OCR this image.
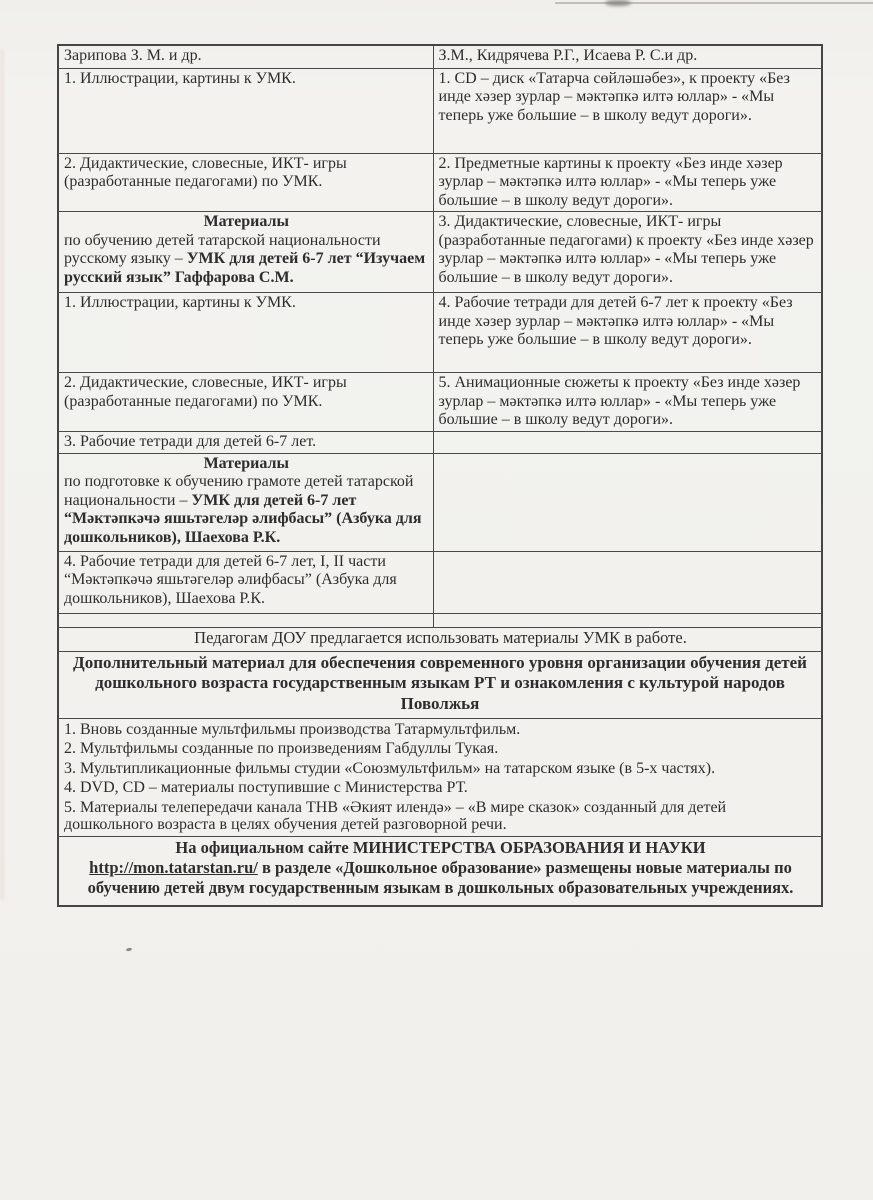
Зарипова З. М. и др.	З.М., Кидрячева Р.Г., Исаева Р. С.и др.
1. Иллюстрации, картины к УМК.	1. CD – диск «Татарча сөйләшәбез», к проекту «Без инде хәзер зурлар – мәктәпкә илтә юллар» - «Мы теперь уже большие – в школу ведут дороги».
2. Дидактические, словесные, ИКТ- игры (разработанные педагогами) по УМК.	2. Предметные картины к проекту «Без инде хәзер зурлар – мәктәпкә илтә юллар» - «Мы теперь уже большие – в школу ведут дороги».

Материалы
по обучению детей татарской национальности русскому языку – УМК для детей 6-7 лет “Изучаем русский язык” Гаффарова С.М.	3. Дидактические, словесные, ИКТ- игры (разработанные педагогами) к проекту «Без инде хәзер зурлар – мәктәпкә илтә юллар» - «Мы теперь уже большие – в школу ведут дороги».
1. Иллюстрации, картины к УМК.	4. Рабочие тетради для детей 6-7 лет к проекту «Без инде хәзер зурлар – мәктәпкә илтә юллар» - «Мы теперь уже большие – в школу ведут дороги».
2. Дидактические, словесные, ИКТ- игры (разработанные педагогами) по УМК.	5. Анимационные сюжеты к проекту «Без инде хәзер зурлар – мәктәпкә илтә юллар» - «Мы теперь уже большие – в школу ведут дороги».
3. Рабочие тетради для детей 6-7 лет.	

Материалы
по подготовке к обучению грамоте детей татарской национальности – УМК для детей 6-7 лет “Мәктәпкәчә яшьтәгеләр әлифбасы” (Азбука для дошкольников), Шаехова Р.К.	
4. Рабочие тетради для детей 6-7 лет, I, II части “Мәктәпкәчә яшьтәгеләр әлифбасы” (Азбука для дошкольников), Шаехова Р.К.	

Педагогам ДОУ предлагается использовать материалы УМК в работе.	
Дополнительный материал для обеспечения современного уровня организации обучения детей дошкольного возраста государственным языкам РТ и ознакомления с культурой народов Поволжья	

1. Вновь созданные мультфильмы производства Татармультфильм.
2. Мультфильмы созданные по произведениям Габдуллы Тукая.
3. Мультипликационные фильмы студии «Союзмультфильм» на татарском языке (в 5-х частях).
4. DVD, CD – материалы поступившие с Министерства РТ.
5. Материалы телепередачи канала ТНВ «Әкият илендә» – «В мире сказок» созданный для детей дошкольного возраста в целях обучения детей разговорной речи.	

На официальном сайте МИНИСТЕРСТВА ОБРАЗОВАНИЯ И НАУКИ
http://mon.tatarstan.ru/ в разделе «Дошкольное образование» размещены новые материалы по обучению детей двум государственным языкам в дошкольных образовательных учреждениях.	
